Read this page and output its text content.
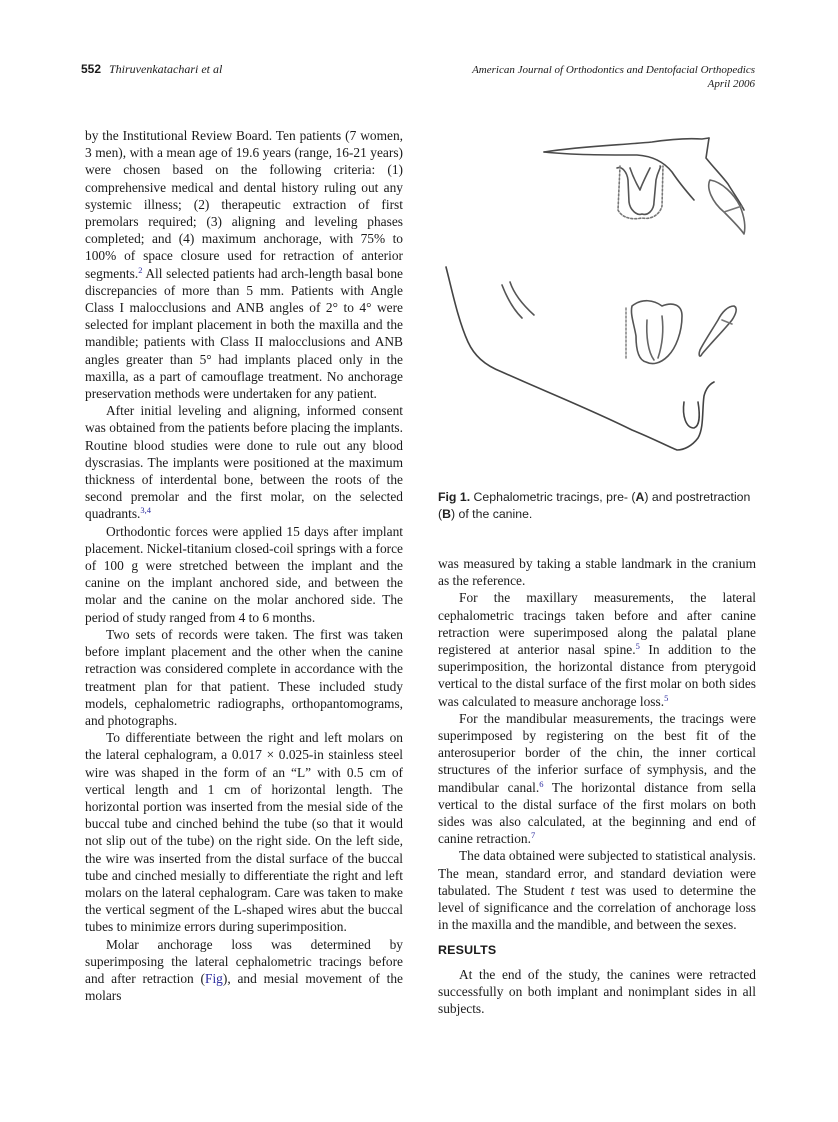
552 Thiruvenkatachari et al	American Journal of Orthodontics and Dentofacial Orthopedics
April 2006

by the Institutional Review Board. Ten patients (7 women, 3 men), with a mean age of 19.6 years (range, 16-21 years) were chosen based on the following criteria: (1) comprehensive medical and dental history ruling out any systemic illness; (2) therapeutic extraction of first premolars required; (3) aligning and leveling phases completed; and (4) maximum anchorage, with 75% to 100% of space closure used for retraction of anterior segments.$^2$ All selected patients had arch-length basal bone discrepancies of more than 5 mm. Patients with Angle Class I malocclusions and ANB angles of 2° to 4° were selected for implant placement in both the maxilla and the mandible; patients with Class II malocclusions and ANB angles greater than 5° had implants placed only in the maxilla, as a part of camouflage treatment. No anchorage preservation methods were undertaken for any patient.

After initial leveling and aligning, informed consent was obtained from the patients before placing the implants. Routine blood studies were done to rule out any blood dyscrasias. The implants were positioned at the maximum thickness of interdental bone, between the roots of the second premolar and the first molar, on the selected quadrants.$^{3,4}$

Orthodontic forces were applied 15 days after implant placement. Nickel-titanium closed-coil springs with a force of 100 g were stretched between the implant and the canine on the implant anchored side, and between the molar and the canine on the molar anchored side. The period of study ranged from 4 to 6 months.

Two sets of records were taken. The first was taken before implant placement and the other when the canine retraction was considered complete in accordance with the treatment plan for that patient. These included study models, cephalometric radiographs, orthopantomograms, and photographs.

To differentiate between the right and left molars on the lateral cephalogram, a 0.017 × 0.025-in stainless steel wire was shaped in the form of an “L” with 0.5 cm of vertical length and 1 cm of horizontal length. The horizontal portion was inserted from the mesial side of the buccal tube and cinched behind the tube (so that it would not slip out of the tube) on the right side. On the left side, the wire was inserted from the distal surface of the buccal tube and cinched mesially to differentiate the right and left molars on the lateral cephalogram. Care was taken to make the vertical segment of the L-shaped wires abut the buccal tubes to minimize errors during superimposition.

Molar anchorage loss was determined by superimposing the lateral cephalometric tracings before and after retraction (Fig), and mesial movement of the molars

Fig 1. Cephalometric tracings, pre- (A) and postretraction (B) of the canine.

was measured by taking a stable landmark in the cranium as the reference.

For the maxillary measurements, the lateral cephalometric tracings taken before and after canine retraction were superimposed along the palatal plane registered at anterior nasal spine.$^5$ In addition to the superimposition, the horizontal distance from pterygoid vertical to the distal surface of the first molar on both sides was calculated to measure anchorage loss.$^5$

For the mandibular measurements, the tracings were superimposed by registering on the best fit of the anterosuperior border of the chin, the inner cortical structures of the inferior surface of symphysis, and the mandibular canal.$^6$ The horizontal distance from sella vertical to the distal surface of the first molars on both sides was also calculated, at the beginning and end of canine retraction.$^7$

The data obtained were subjected to statistical analysis. The mean, standard error, and standard deviation were tabulated. The Student t test was used to determine the level of significance and the correlation of anchorage loss in the maxilla and the mandible, and between the sexes.

RESULTS

At the end of the study, the canines were retracted successfully on both implant and nonimplant sides in all subjects.
